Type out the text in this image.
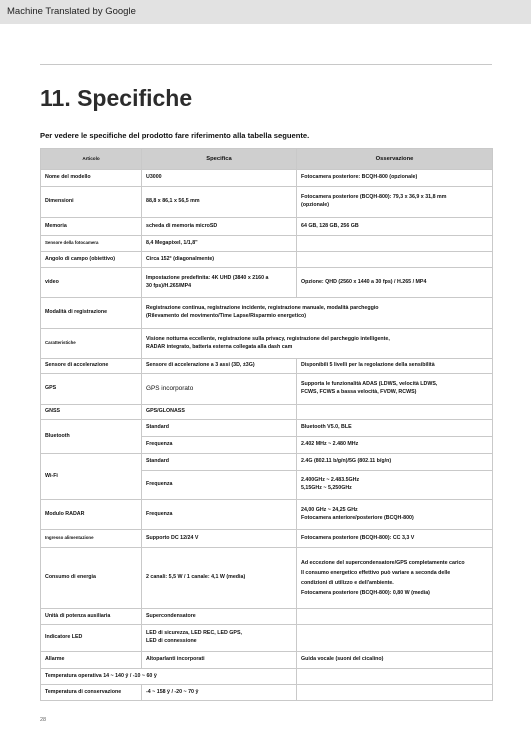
Machine Translated by Google
11. Specifiche
Per vedere le specifiche del prodotto fare riferimento alla tabella seguente.
Articolo	Specifica	Osservazione
Nome del modello	U3000	Fotocamera posteriore: BCQH-800 (opzionale)
Dimensioni	88,8 x 86,1 x 56,5 mm	Fotocamera posteriore (BCQH-800): 79,3 x 36,9 x 31,8 mm
(opzionale)
Memoria	scheda di memoria microSD	64 GB, 128 GB, 256 GB
Sensore della fotocamera	8,4 Megapixel, 1/1,8"	
Angolo di campo (obiettivo)	Circa 152° (diagonalmente)	
video	Impostazione predefinita: 4K UHD (3840 x 2160 a
30 fps)/H.265/MP4	Opzione: QHD (2560 x 1440 a 30 fps) / H.265 / MP4
Modalità di registrazione	Registrazione continua, registrazione incidente, registrazione manuale, modalità parcheggio
(Rilevamento del movimento/Time Lapse/Risparmio energetico)	
Caratteristiche	Visione notturna eccellente, registrazione sulla privacy, registrazione del parcheggio intelligente,
RADAR integrato, batteria esterna collegata alla dash cam	
Sensore di accelerazione	Sensore di accelerazione a 3 assi (3D, ±3G)	Disponibili 5 livelli per la regolazione della sensibilità
GPS	GPS incorporato	Supporta le funzionalità ADAS (LDWS, velocità LDWS,
FCWS, FCWS a bassa velocità, FVDW, RCWS)
GNSS	GPS/GLONASS	
Bluetooth	Standard	Bluetooth V5.0, BLE
	Frequenza	2.402 MHz ~ 2.480 MHz
Wi-Fi	Standard	2.4G (802.11 b/g/n)/5G (802.11 b/g/n)
	Frequenza	2.400GHz ~ 2.483.5GHz
5,15GHz ~ 5,250GHz
Modulo RADAR	Frequenza	24,00 GHz ~ 24,25 GHz
Fotocamera anteriore/posteriore (BCQH-800)
Ingresso alimentazione	Supporto DC 12/24 V	Fotocamera posteriore (BCQH-800): CC 3,3 V
Consumo di energia	2 canali: 5,5 W / 1 canale: 4,1 W (media)	Ad eccezione del supercondensatore/GPS completamente carico
Il consumo energetico effettivo può variare a seconda delle
condizioni di utilizzo e dell'ambiente.
Fotocamera posteriore (BCQH-800): 0,80 W (media)
Unità di potenza ausiliaria	Supercondensatore	
Indicatore LED	LED di sicurezza, LED REC, LED GPS,
LED di connessione	
Allarme	Altoparlanti incorporati	Guida vocale (suoni del cicalino)
Temperatura operativa 14 ~ 140 ÿ / -10 ~ 60 ÿ		
Temperatura di conservazione	-4 ~ 158 ÿ / -20 ~ 70 ÿ	
28
